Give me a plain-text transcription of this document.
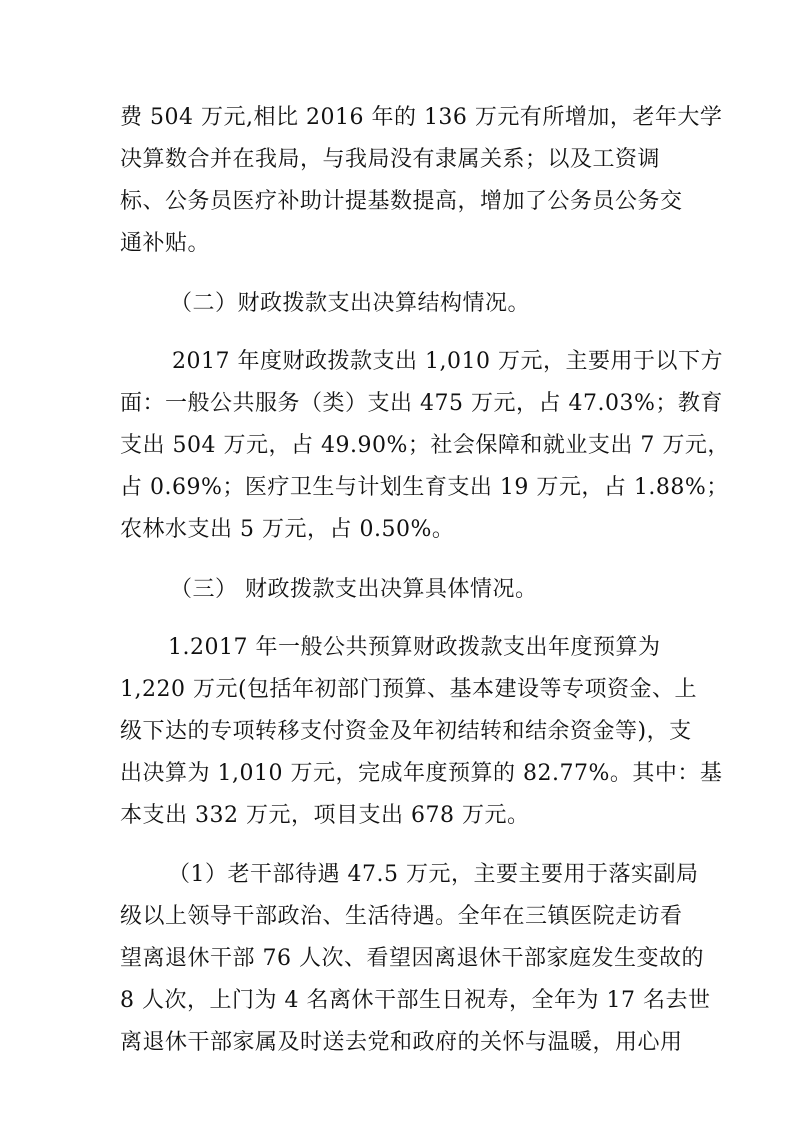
费 504 万元,相比 2016 年的 136 万元有所增加，老年大学
决算数合并在我局，与我局没有隶属关系；以及工资调
标、公务员医疗补助计提基数提高，增加了公务员公务交
通补贴。
（二）财政拨款支出决算结构情况。
2017 年度财政拨款支出 1,010 万元，主要用于以下方
面：一般公共服务（类）支出 475 万元，占 47.03%；教育
支出 504 万元，占 49.90%；社会保障和就业支出 7 万元，
占 0.69%；医疗卫生与计划生育支出 19 万元，占 1.88%；
农林水支出 5 万元，占 0.50%。
（三） 财政拨款支出决算具体情况。
1.2017 年一般公共预算财政拨款支出年度预算为
1,220 万元(包括年初部门预算、基本建设等专项资金、上
级下达的专项转移支付资金及年初结转和结余资金等)，支
出决算为 1,010 万元，完成年度预算的 82.77%。其中：基
本支出 332 万元，项目支出 678 万元。
（1）老干部待遇 47.5 万元，主要主要用于落实副局
级以上领导干部政治、生活待遇。全年在三镇医院走访看
望离退休干部 76 人次、看望因离退休干部家庭发生变故的
8 人次，上门为 4 名离休干部生日祝寿，全年为 17 名去世
离退休干部家属及时送去党和政府的关怀与温暖，用心用
